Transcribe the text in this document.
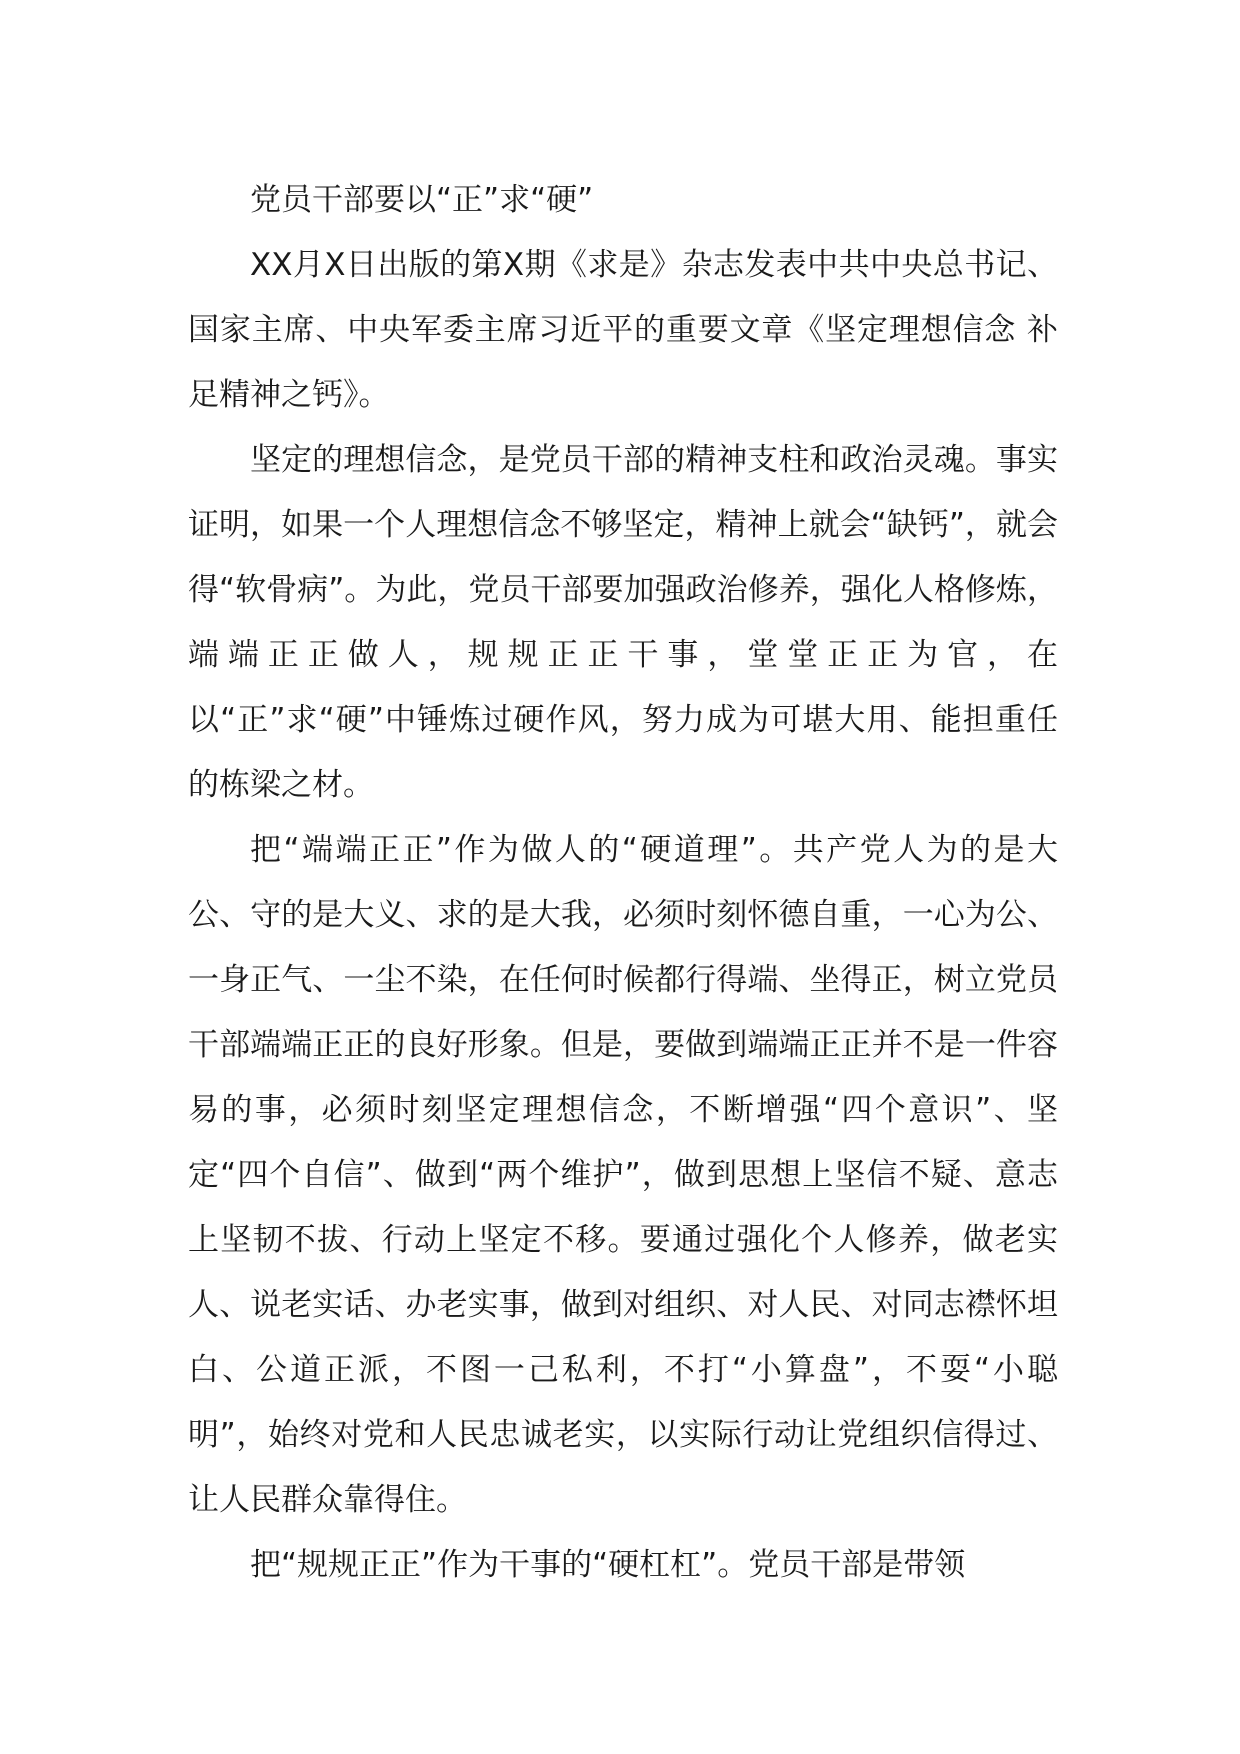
党员干部要以“正”求“硬”

XX月X日出版的第X期《求是》杂志发表中共中央总书记、国家主席、中央军委主席习近平的重要文章《坚定理想信念 补足精神之钙》。

坚定的理想信念，是党员干部的精神支柱和政治灵魂。事实证明，如果一个人理想信念不够坚定，精神上就会“缺钙”，就会得“软骨病”。为此，党员干部要加强政治修养，强化人格修炼，端端正正做人，规规正正干事，堂堂正正为官，在以“正”求“硬”中锤炼过硬作风，努力成为可堪大用、能担重任的栋梁之材。

把“端端正正”作为做人的“硬道理”。共产党人为的是大公、守的是大义、求的是大我，必须时刻怀德自重，一心为公、一身正气、一尘不染，在任何时候都行得端、坐得正，树立党员干部端端正正的良好形象。但是，要做到端端正正并不是一件容易的事，必须时刻坚定理想信念，不断增强“四个意识”、坚定“四个自信”、做到“两个维护”，做到思想上坚信不疑、意志上坚韧不拔、行动上坚定不移。要通过强化个人修养，做老实人、说老实话、办老实事，做到对组织、对人民、对同志襟怀坦白、公道正派，不图一己私利，不打“小算盘”，不耍“小聪明”，始终对党和人民忠诚老实，以实际行动让党组织信得过、让人民群众靠得住。

把“规规正正”作为干事的“硬杠杠”。党员干部是带领
